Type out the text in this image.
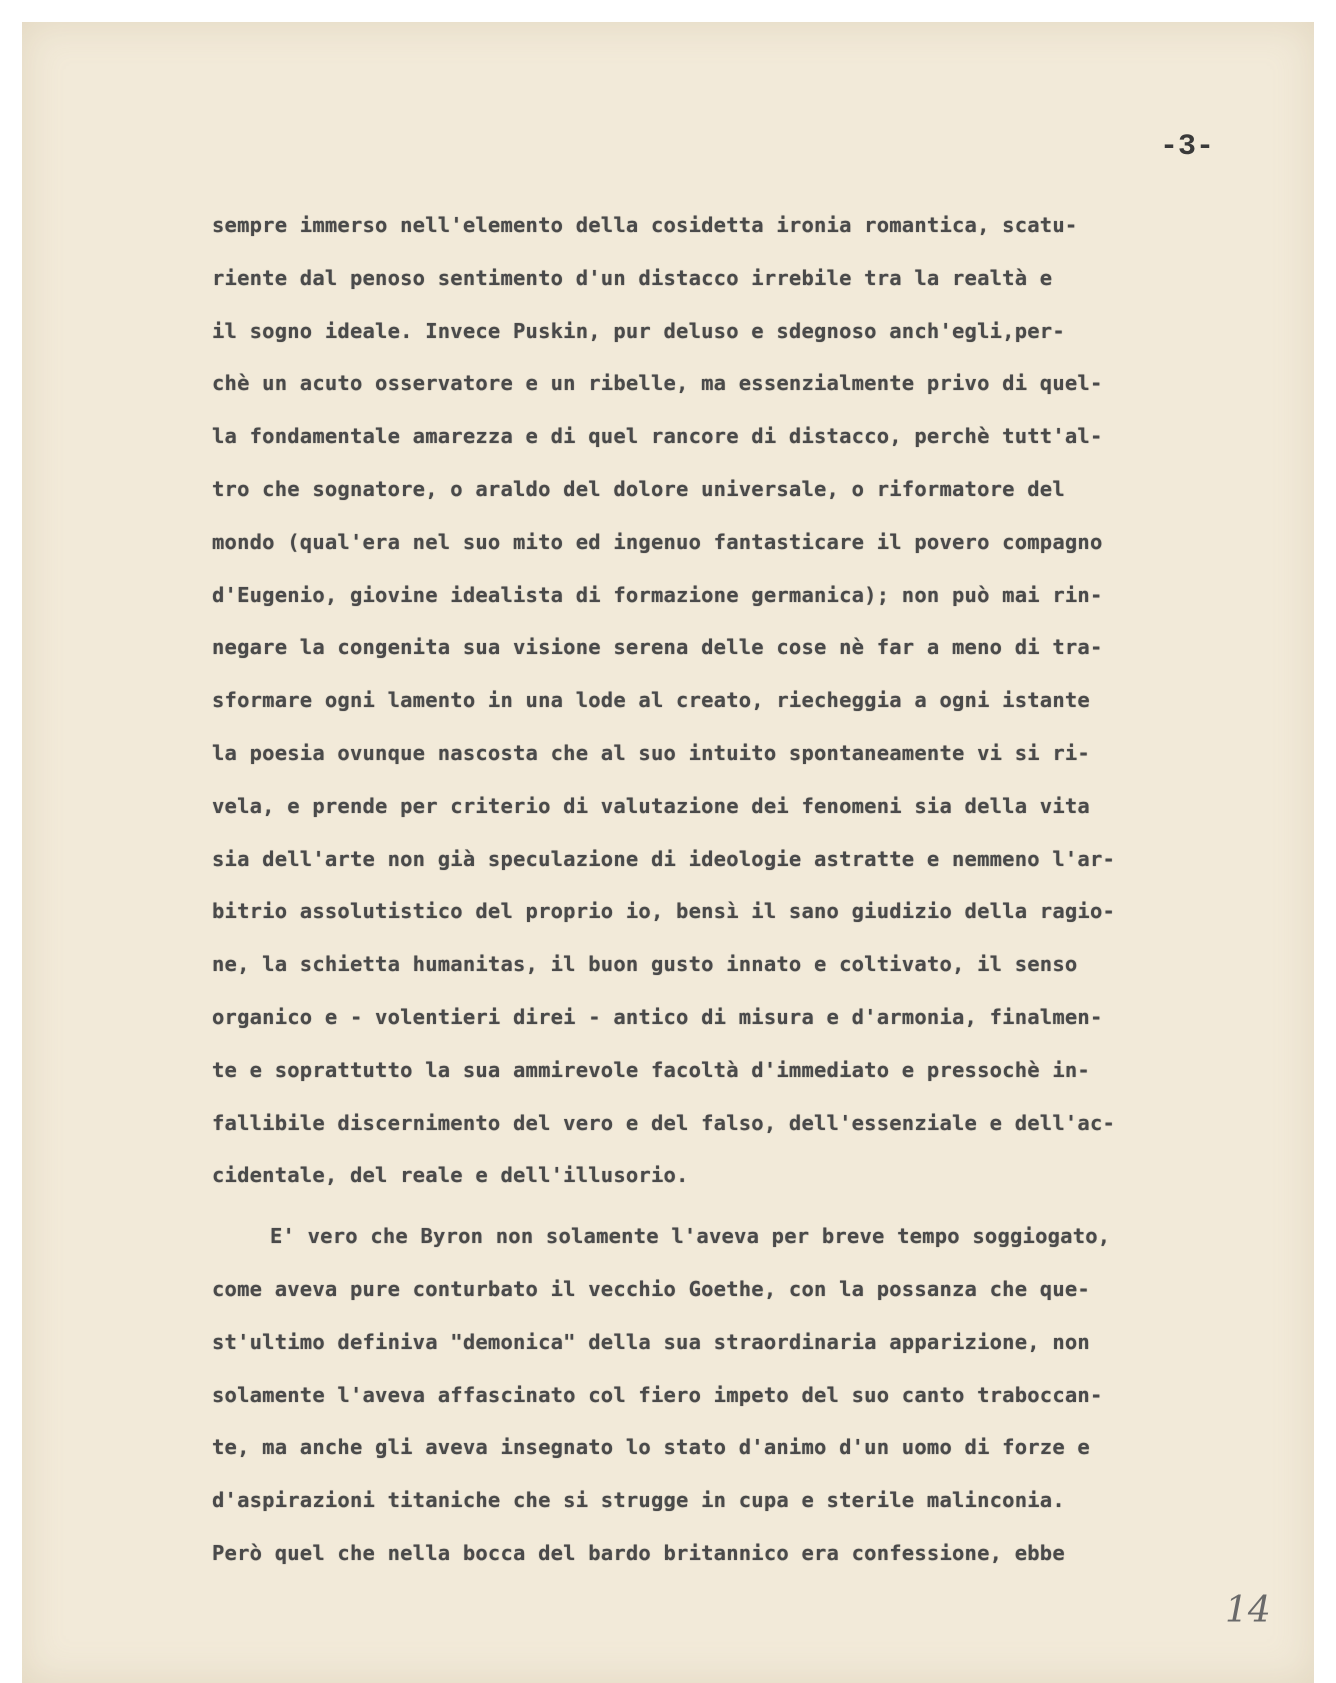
-3-
sempre immerso nell'elemento della cosidetta ironia romantica, scatu-
riente dal penoso sentimento d'un distacco irrebile tra la realtà e
il sogno ideale. Invece Puskin, pur deluso e sdegnoso anch'egli,per-
chè un acuto osservatore e un ribelle, ma essenzialmente privo di quel-
la fondamentale amarezza e di quel rancore di distacco, perchè tutt'al-
tro che sognatore, o araldo del dolore universale, o riformatore del
mondo (qual'era nel suo mito ed ingenuo fantasticare il povero compagno
d'Eugenio, giovine idealista di formazione germanica); non può mai rin-
negare la congenita sua visione serena delle cose nè far a meno di tra-
sformare ogni lamento in una lode al creato, riecheggia a ogni istante
la poesia ovunque nascosta che al suo intuito spontaneamente vi si ri-
vela, e prende per criterio di valutazione dei fenomeni sia della vita
sia dell'arte non già speculazione di ideologie astratte e nemmeno l'ar-
bitrio assolutistico del proprio io, bensì il sano giudizio della ragio-
ne, la schietta humanitas, il buon gusto innato e coltivato, il senso
organico e - volentieri direi - antico di misura e d'armonia, finalmen-
te e soprattutto la sua ammirevole facoltà d'immediato e pressochè in-
fallibile discernimento del vero e del falso, dell'essenziale e dell'ac-
cidentale, del reale e dell'illusorio.
E' vero che Byron non solamente l'aveva per breve tempo soggiogato,
come aveva pure conturbato il vecchio Goethe, con la possanza che que-
st'ultimo definiva "demonica" della sua straordinaria apparizione, non
solamente l'aveva affascinato col fiero impeto del suo canto traboccan-
te, ma anche gli aveva insegnato lo stato d'animo d'un uomo di forze e
d'aspirazioni titaniche che si strugge in cupa e sterile malinconia.
Però quel che nella bocca del bardo britannico era confessione, ebbe
14
